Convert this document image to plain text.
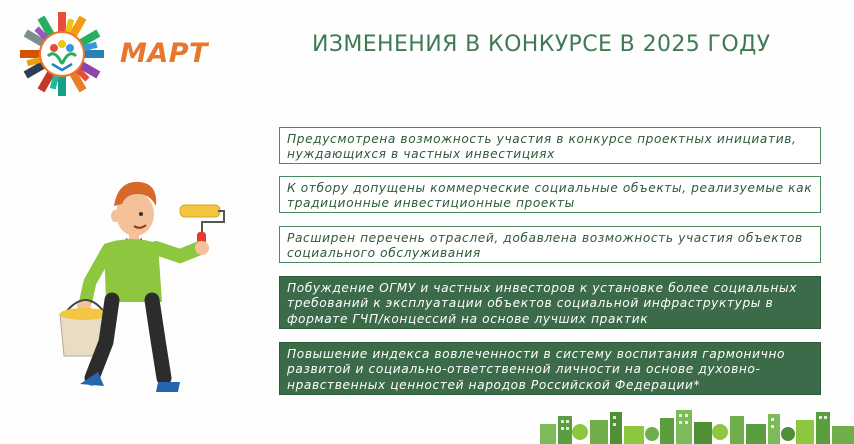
МАРТ	ИЗМЕНЕНИЯ В КОНКУРСЕ В 2025 ГОДУ
Предусмотрена возможность участия в конкурсе проектных инициатив, нуждающихся в частных инвестициях
К отбору допущены коммерческие социальные объекты, реализуемые как традиционные инвестиционные проекты
Расширен перечень отраслей, добавлена возможность участия объектов социального обслуживания
Побуждение ОГМУ и частных инвесторов к установке более социальных требований к эксплуатации объектов социальной инфраструктуры в формате ГЧП/концессий на основе лучших практик
Повышение индекса вовлеченности в систему воспитания гармонично развитой и социально-ответственной личности на основе духовно-нравственных ценностей народов Российской Федерации*
